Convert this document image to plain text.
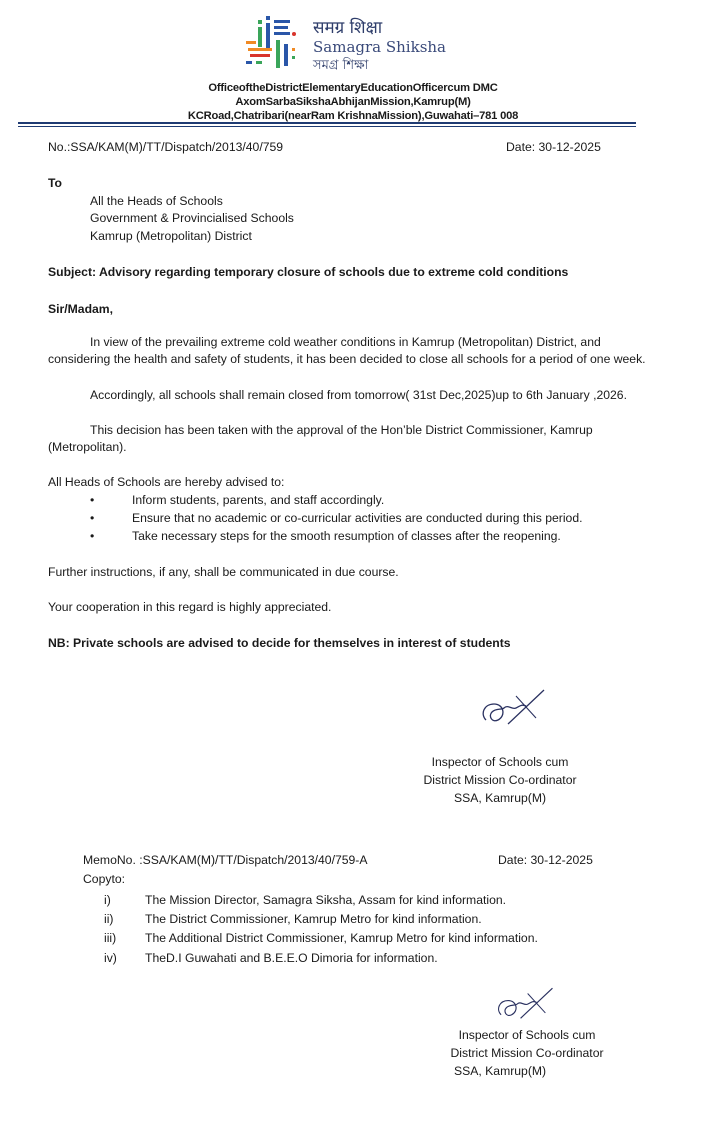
समग्र शिक्षा
Samagra Shiksha
সমগ্র শিক্ষা
OfficeoftheDistrictElementaryEducationOfficercum DMC
AxomSarbaSikshaAbhijanMission,Kamrup(M)
KCRoad,Chatribari(nearRam KrishnaMission),Guwahati–781 008
No.:SSA/KAM(M)/TT/Dispatch/2013/40/759	Date: 30-12-2025
To
All the Heads of Schools
Government & Provincialised Schools
Kamrup (Metropolitan) District
Subject: Advisory regarding temporary closure of schools due to extreme cold conditions
Sir/Madam,
In view of the prevailing extreme cold weather conditions in Kamrup (Metropolitan) District, and
considering the health and safety of students, it has been decided to close all schools for a period of one week.
Accordingly, all schools shall remain closed from tomorrow( 31st Dec,2025)up to 6th January ,2026.
This decision has been taken with the approval of the Hon’ble District Commissioner, Kamrup
(Metropolitan).
All Heads of Schools are hereby advised to:
•	Inform students, parents, and staff accordingly.
•	Ensure that no academic or co-curricular activities are conducted during this period.
•	Take necessary steps for the smooth resumption of classes after the reopening.
Further instructions, if any, shall be communicated in due course.
Your cooperation in this regard is highly appreciated.
NB: Private schools are advised to decide for themselves in interest of students
Inspector of Schools cum
District Mission Co-ordinator
SSA, Kamrup(M)
MemoNo. :SSA/KAM(M)/TT/Dispatch/2013/40/759-A	Date: 30-12-2025
Copyto:
i)	The Mission Director, Samagra Siksha, Assam for kind information.
ii)	The District Commissioner, Kamrup Metro for kind information.
iii) The Additional District Commissioner, Kamrup Metro for kind information.
iv) TheD.I Guwahati and B.E.E.O Dimoria for information.
Inspector of Schools cum
District Mission Co-ordinator
SSA, Kamrup(M)
